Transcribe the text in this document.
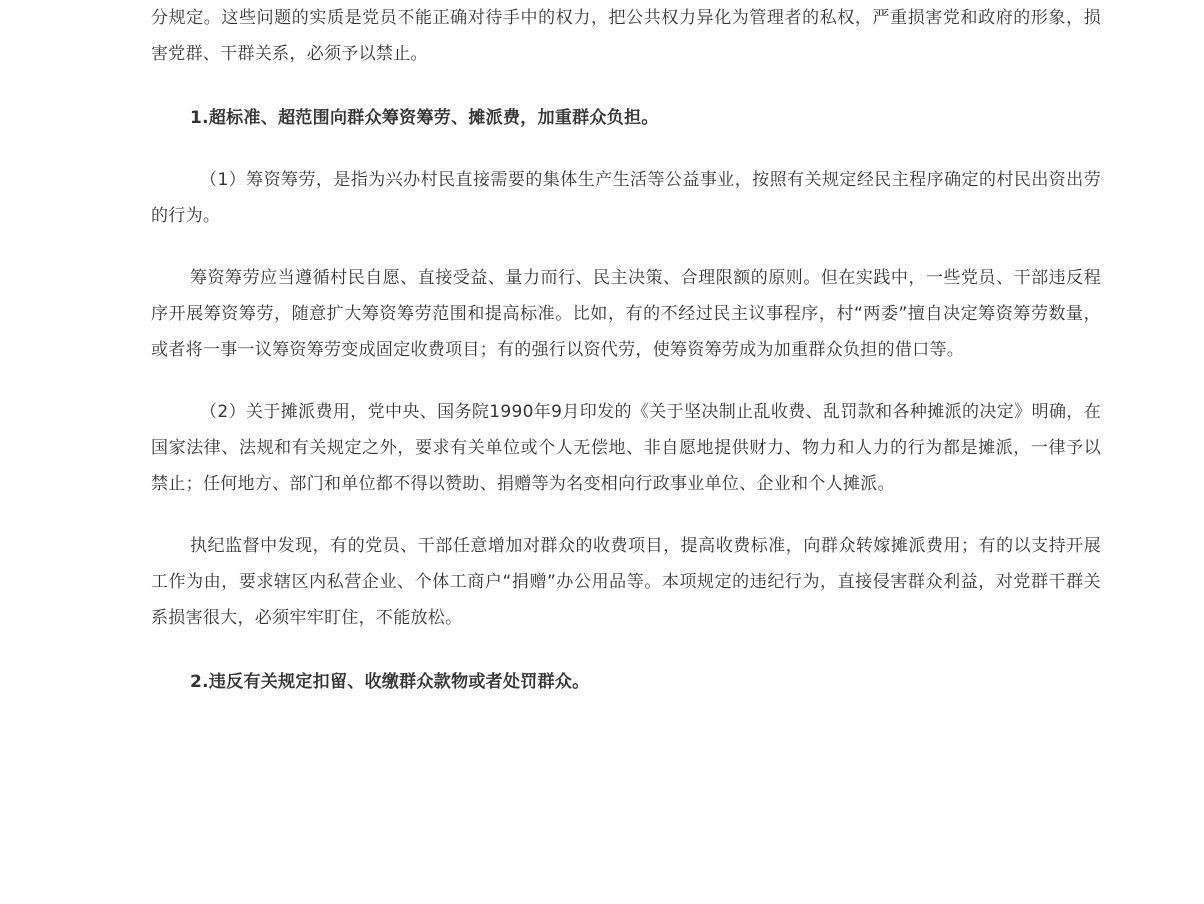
分规定。这些问题的实质是党员不能正确对待手中的权力，把公共权力异化为管理者的私权，严重损害党和政府的形象，损害党群、干群关系，必须予以禁止。

1.超标准、超范围向群众筹资筹劳、摊派费，加重群众负担。

（1）筹资筹劳，是指为兴办村民直接需要的集体生产生活等公益事业，按照有关规定经民主程序确定的村民出资出劳的行为。

筹资筹劳应当遵循村民自愿、直接受益、量力而行、民主决策、合理限额的原则。但在实践中，一些党员、干部违反程序开展筹资筹劳，随意扩大筹资筹劳范围和提高标准。比如，有的不经过民主议事程序，村“两委”擅自决定筹资筹劳数量，或者将一事一议筹资筹劳变成固定收费项目；有的强行以资代劳，使筹资筹劳成为加重群众负担的借口等。

（2）关于摊派费用，党中央、国务院1990年9月印发的《关于坚决制止乱收费、乱罚款和各种摊派的决定》明确，在国家法律、法规和有关规定之外，要求有关单位或个人无偿地、非自愿地提供财力、物力和人力的行为都是摊派，一律予以禁止；任何地方、部门和单位都不得以赞助、捐赠等为名变相向行政事业单位、企业和个人摊派。

执纪监督中发现，有的党员、干部任意增加对群众的收费项目，提高收费标准，向群众转嫁摊派费用；有的以支持开展工作为由，要求辖区内私营企业、个体工商户“捐赠”办公用品等。本项规定的违纪行为，直接侵害群众利益，对党群干群关系损害很大，必须牢牢盯住，不能放松。

2.违反有关规定扣留、收缴群众款物或者处罚群众。
